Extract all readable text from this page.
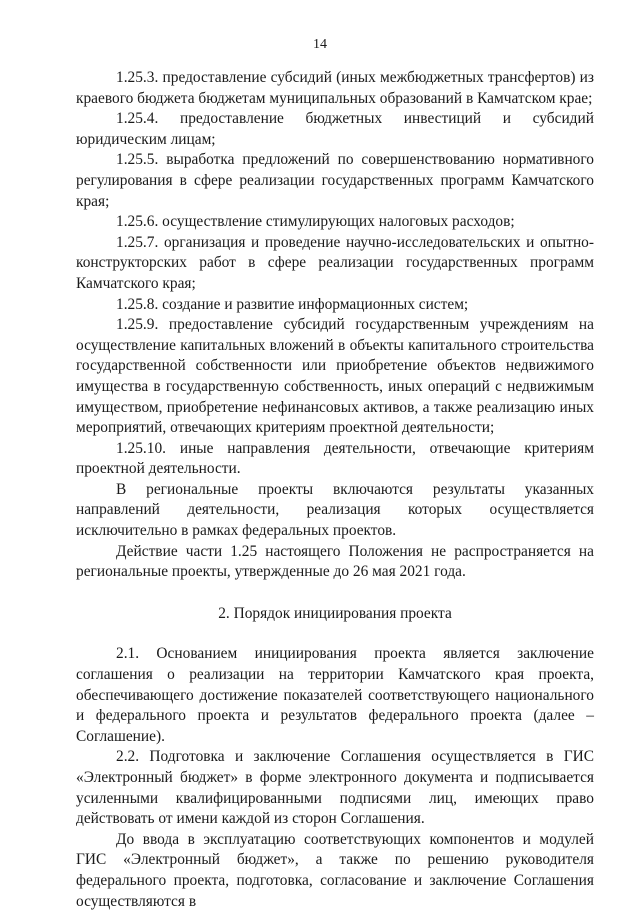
14

1.25.3. предоставление субсидий (иных межбюджетных трансфертов) из краевого бюджета бюджетам муниципальных образований в Камчатском крае;

1.25.4. предоставление бюджетных инвестиций и субсидий юридическим лицам;

1.25.5. выработка предложений по совершенствованию нормативного регулирования в сфере реализации государственных программ Камчатского края;

1.25.6. осуществление стимулирующих налоговых расходов;

1.25.7. организация и проведение научно-исследовательских и опытно-конструкторских работ в сфере реализации государственных программ Камчатского края;

1.25.8. создание и развитие информационных систем;

1.25.9. предоставление субсидий государственным учреждениям на осуществление капитальных вложений в объекты капитального строительства государственной собственности или приобретение объектов недвижимого имущества в государственную собственность, иных операций с недвижимым имуществом, приобретение нефинансовых активов, а также реализацию иных мероприятий, отвечающих критериям проектной деятельности;

1.25.10. иные направления деятельности, отвечающие критериям проектной деятельности.

В региональные проекты включаются результаты указанных направлений деятельности, реализация которых осуществляется исключительно в рамках федеральных проектов.

Действие части 1.25 настоящего Положения не распространяется на региональные проекты, утвержденные до 26 мая 2021 года.

2. Порядок инициирования проекта

2.1. Основанием инициирования проекта является заключение соглашения о реализации на территории Камчатского края проекта, обеспечивающего достижение показателей соответствующего национального и федерального проекта и результатов федерального проекта (далее – Соглашение).

2.2. Подготовка и заключение Соглашения осуществляется в ГИС «Электронный бюджет» в форме электронного документа и подписывается усиленными квалифицированными подписями лиц, имеющих право действовать от имени каждой из сторон Соглашения.

До ввода в эксплуатацию соответствующих компонентов и модулей ГИС «Электронный бюджет», а также по решению руководителя федерального проекта, подготовка, согласование и заключение Соглашения осуществляются в
